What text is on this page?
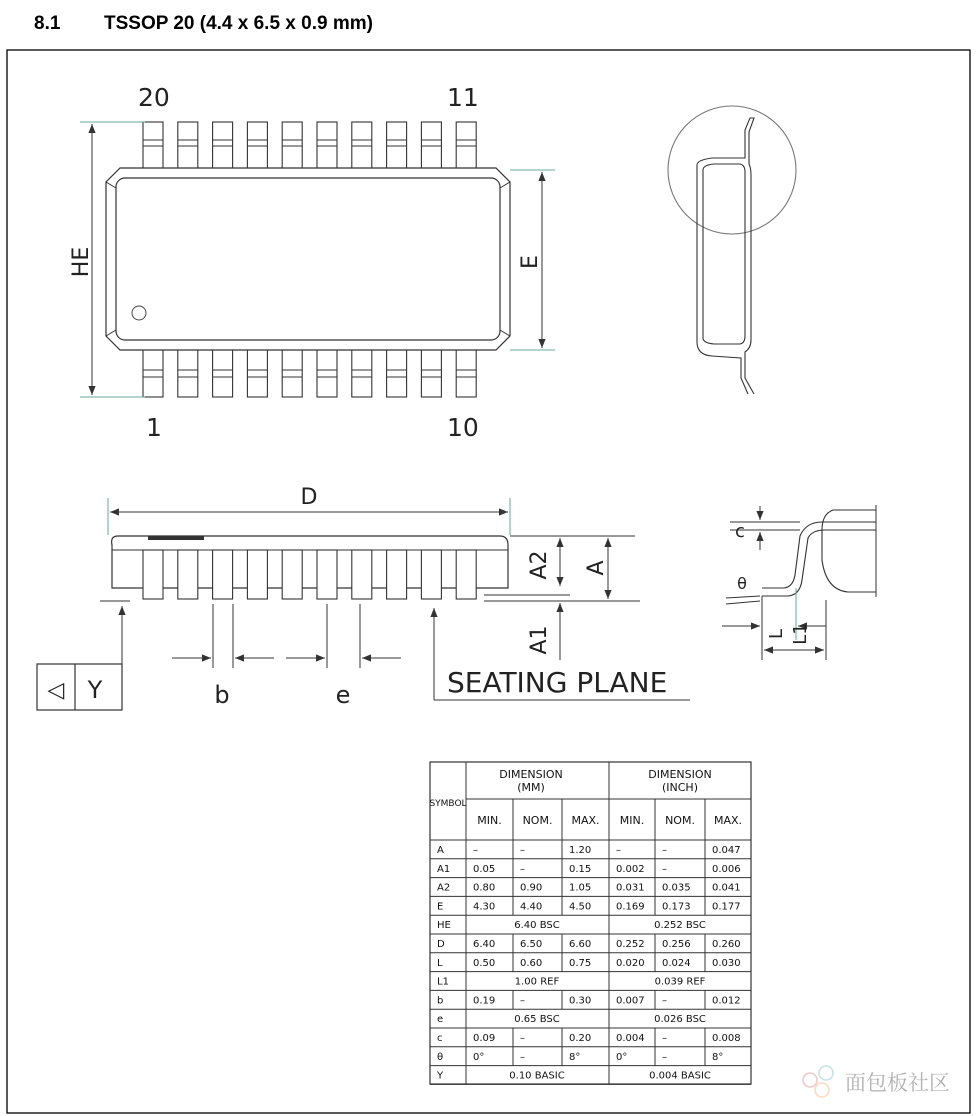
8.1 TSSOP 20 (4.4 x 6.5 x 0.9 mm)
20	11
1	10
HE	E
D
A2 A
A1
b	e	SEATING PLANE
◁ Y
c
θ
L L1
SYMBOL
DIMENSION
(MM)
DIMENSION
(INCH)
MIN. NOM. MAX. MIN. NOM. MAX.
A	–	–	1.20 –	–	0.047
A1 0.05 –	0.15 0.002 –	0.006
A2 0.80 0.90	1.05 0.031 0.035 0.041
E	4.30 4.40	4.50 0.169 0.173 0.177
HE	6.40 BSC	0.252 BSC
D	6.40 6.50	6.60 0.252 0.256 0.260
L	0.50 0.60	0.75 0.020 0.024 0.030
L1	1.00 REF	0.039 REF
b	0.19 –	0.30 0.007 –	0.012
e	0.65 BSC	0.026 BSC
c	0.09 –	0.20 0.004 –	0.008
θ	0°	–	8°	0°	–	8°
Y	0.10 BASIC	0.004 BASIC	面包板社区
